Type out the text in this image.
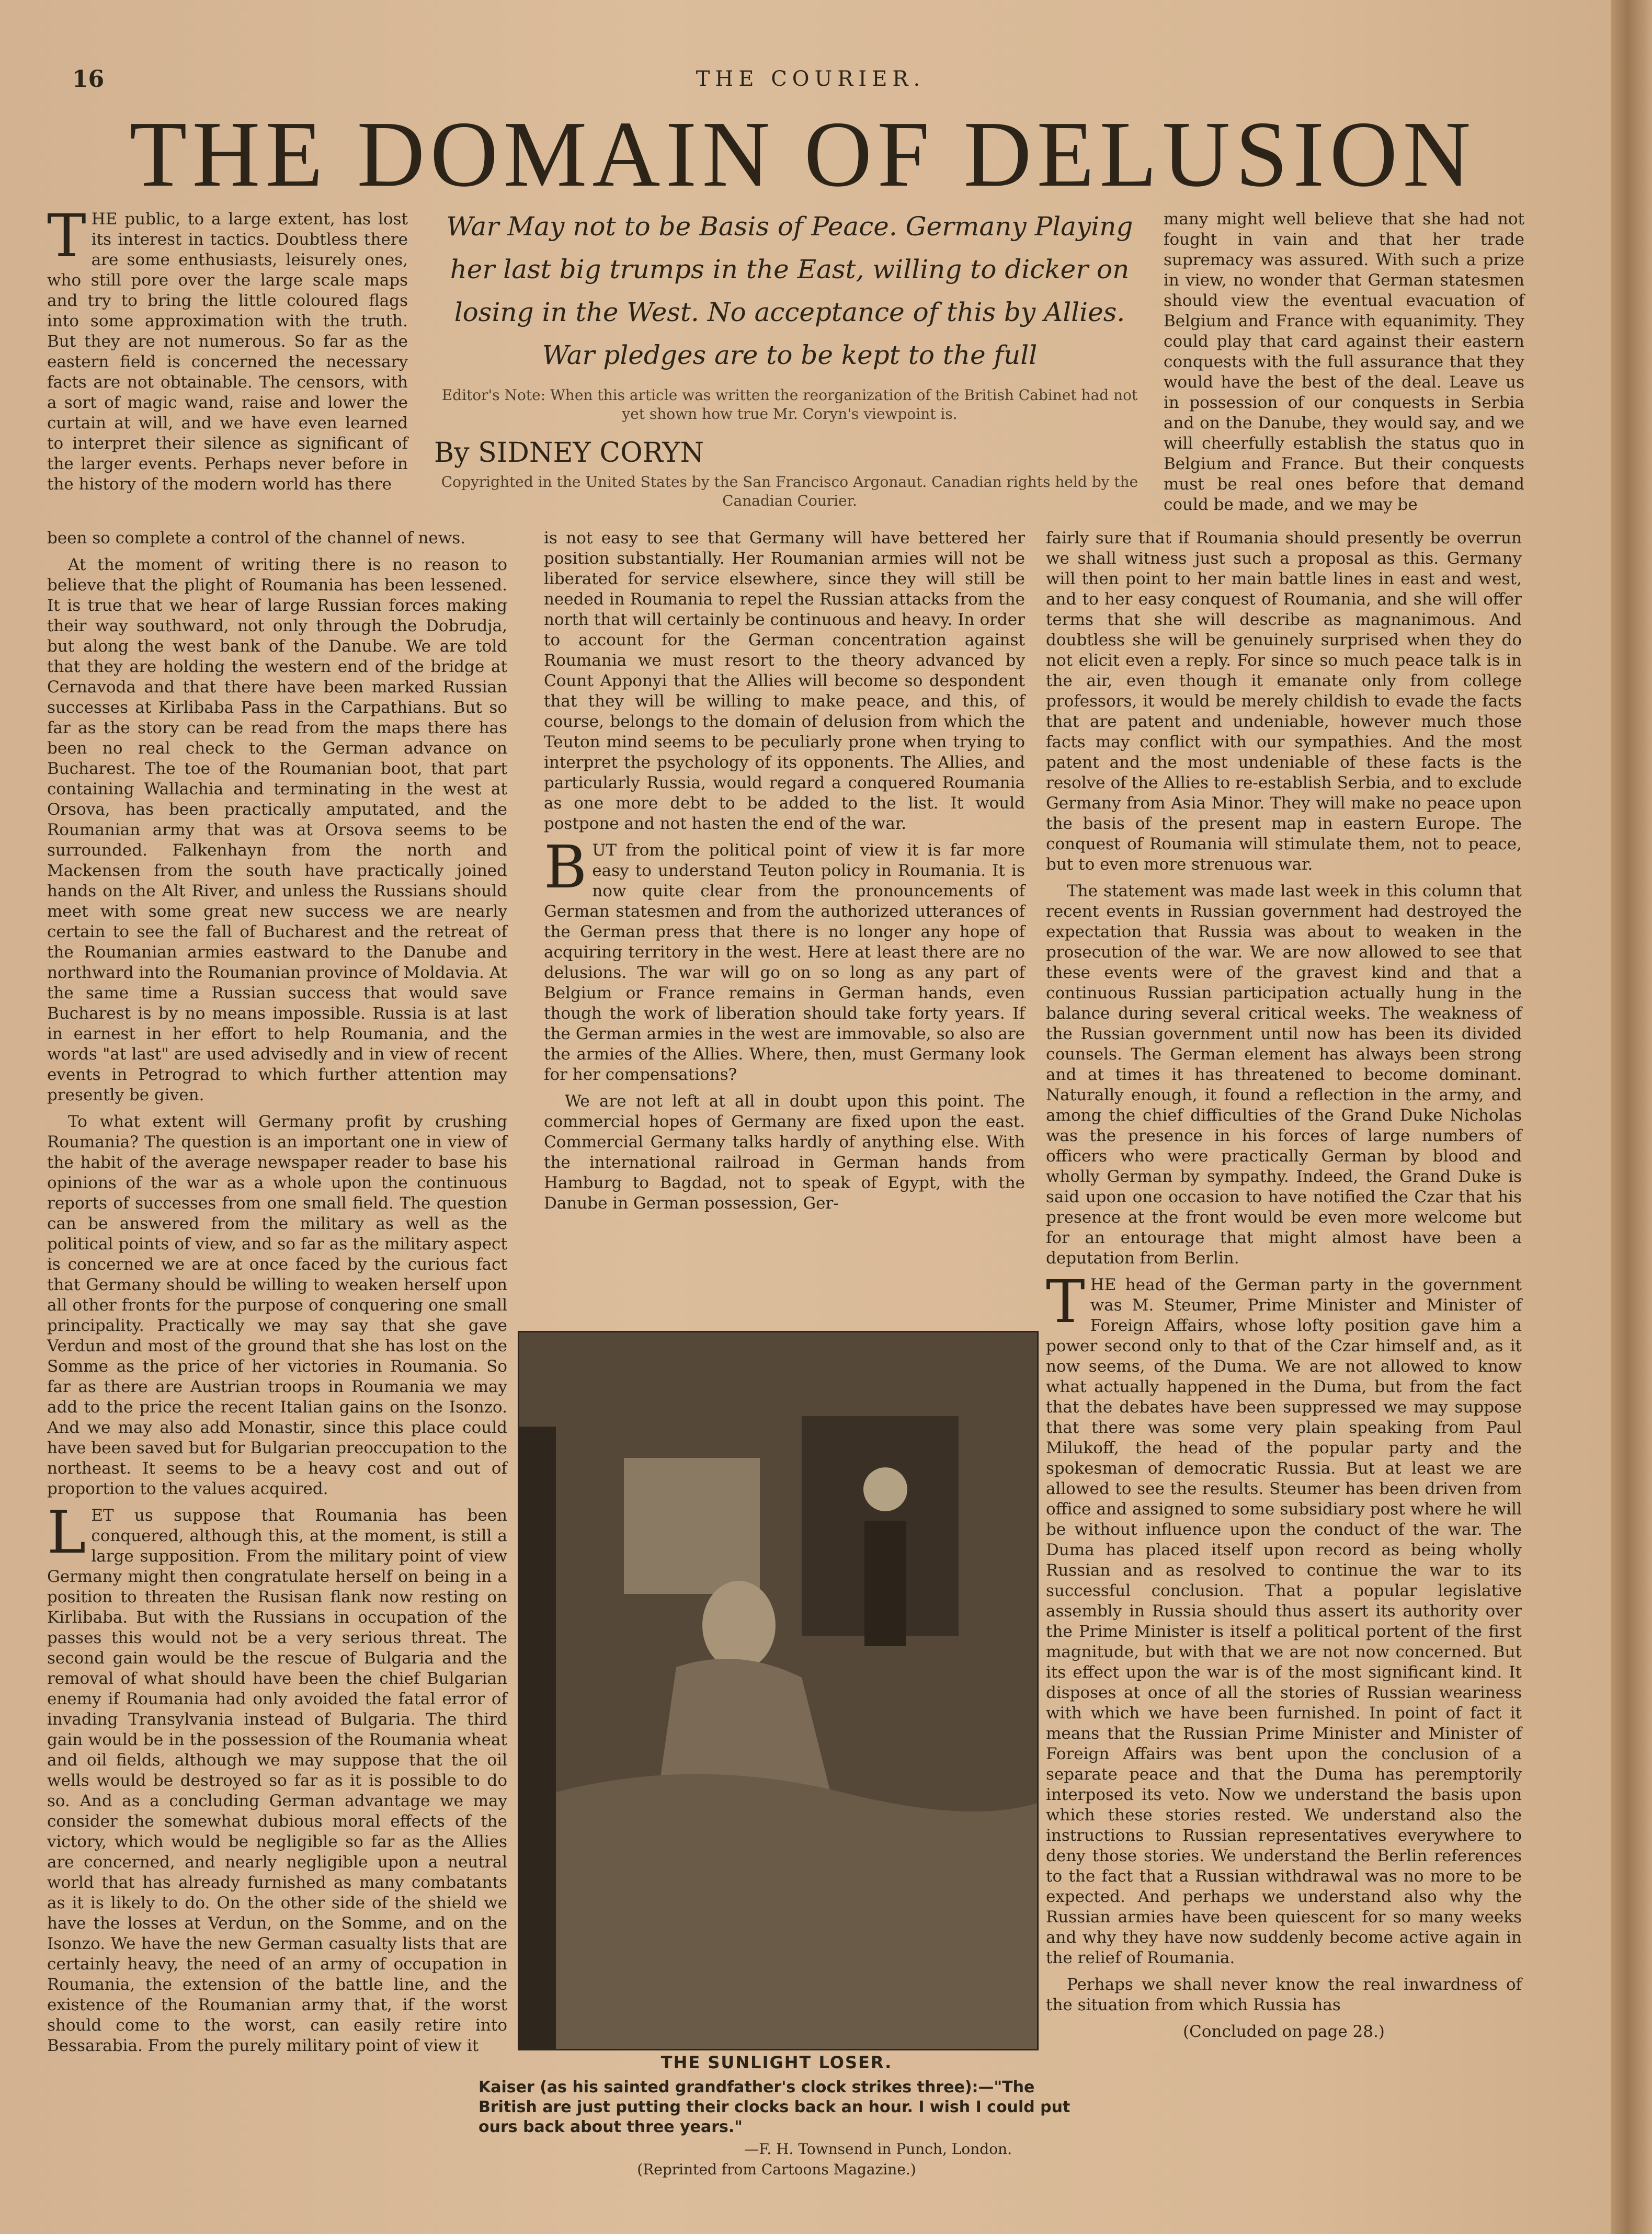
16	THE COURIER.
THE DOMAIN OF DELUSION

War May not to be Basis of Peace. Germany Playing her last big trumps in the East, willing to dicker on losing in the West. No acceptance of this by Allies. War pledges are to be kept to the full

Editor's Note: When this article was written the reorganization of the British Cabinet had not yet shown how true Mr. Coryn's viewpoint is.
By SIDNEY CORYN
Copyrighted in the United States by the San Francisco Argonaut. Canadian rights held by the Canadian Courier.

THE public, to a large extent, has lost its interest in tactics. Doubtless there are some enthusiasts, leisurely ones, who still pore over the large scale maps and try to bring the little coloured flags into some approximation with the truth. But they are not numerous. So far as the eastern field is concerned the necessary facts are not obtainable. The censors, with a sort of magic wand, raise and lower the curtain at will, and we have even learned to interpret their silence as significant of the larger events. Perhaps never before in the history of the modern world has there

been so complete a control of the channel of news.

At the moment of writing there is no reason to believe that the plight of Roumania has been lessened. It is true that we hear of large Russian forces making their way southward, not only through the Dobrudja, but along the west bank of the Danube. We are told that they are holding the western end of the bridge at Cernavoda and that there have been marked Russian successes at Kirlibaba Pass in the Carpathians. But so far as the story can be read from the maps there has been no real check to the German advance on Bucharest. The toe of the Roumanian boot, that part containing Wallachia and terminating in the west at Orsova, has been practically amputated, and the Roumanian army that was at Orsova seems to be surrounded. Falkenhayn from the north and Mackensen from the south have practically joined hands on the Alt River, and unless the Russians should meet with some great new success we are nearly certain to see the fall of Bucharest and the retreat of the Roumanian armies eastward to the Danube and northward into the Roumanian province of Moldavia. At the same time a Russian success that would save Bucharest is by no means impossible. Russia is at last in earnest in her effort to help Roumania, and the words "at last" are used advisedly and in view of recent events in Petrograd to which further attention may presently be given.

To what extent will Germany profit by crushing Roumania? The question is an important one in view of the habit of the average newspaper reader to base his opinions of the war as a whole upon the continuous reports of successes from one small field. The question can be answered from the military as well as the political points of view, and so far as the military aspect is concerned we are at once faced by the curious fact that Germany should be willing to weaken herself upon all other fronts for the purpose of conquering one small principality. Practically we may say that she gave Verdun and most of the ground that she has lost on the Somme as the price of her victories in Roumania. So far as there are Austrian troops in Roumania we may add to the price the recent Italian gains on the Isonzo. And we may also add Monastir, since this place could have been saved but for Bulgarian preoccupation to the northeast. It seems to be a heavy cost and out of proportion to the values acquired.

LET us suppose that Roumania has been conquered, although this, at the moment, is still a large supposition. From the military point of view Germany might then congratulate herself on being in a position to threaten the Rusisan flank now resting on Kirlibaba. But with the Russians in occupation of the passes this would not be a very serious threat. The second gain would be the rescue of Bulgaria and the removal of what should have been the chief Bulgarian enemy if Roumania had only avoided the fatal error of invading Transylvania instead of Bulgaria. The third gain would be in the possession of the Roumania wheat and oil fields, although we may suppose that the oil wells would be destroyed so far as it is possible to do so. And as a concluding German advantage we may consider the somewhat dubious moral effects of the victory, which would be negligible so far as the Allies are concerned, and nearly negligible upon a neutral world that has already furnished as many combatants as it is likely to do. On the other side of the shield we have the losses at Verdun, on the Somme, and on the Isonzo. We have the new German casualty lists that are certainly heavy, the need of an army of occupation in Roumania, the extension of the battle line, and the existence of the Roumanian army that, if the worst should come to the worst, can easily retire into Bessarabia. From the purely military point of view it

is not easy to see that Germany will have bettered her position substantially. Her Roumanian armies will not be liberated for service elsewhere, since they will still be needed in Roumania to repel the Russian attacks from the north that will certainly be continuous and heavy. In order to account for the German concentration against Roumania we must resort to the theory advanced by Count Apponyi that the Allies will become so despondent that they will be willing to make peace, and this, of course, belongs to the domain of delusion from which the Teuton mind seems to be peculiarly prone when trying to interpret the psychology of its opponents. The Allies, and particularly Russia, would regard a conquered Roumania as one more debt to be added to the list. It would postpone and not hasten the end of the war.

BUT from the political point of view it is far more easy to understand Teuton policy in Roumania. It is now quite clear from the pronouncements of German statesmen and from the authorized utterances of the German press that there is no longer any hope of acquiring territory in the west. Here at least there are no delusions. The war will go on so long as any part of Belgium or France remains in German hands, even though the work of liberation should take forty years. If the German armies in the west are immovable, so also are the armies of the Allies. Where, then, must Germany look for her compensations?

We are not left at all in doubt upon this point. The commercial hopes of Germany are fixed upon the east. Commercial Germany talks hardly of anything else. With the international railroad in German hands from Hamburg to Bagdad, not to speak of Egypt, with the Danube in German possession, Ger-

many might well believe that she had not fought in vain and that her trade supremacy was assured. With such a prize in view, no wonder that German statesmen should view the eventual evacuation of Belgium and France with equanimity. They could play that card against their eastern conquests with the full assurance that they would have the best of the deal. Leave us in possession of our conquests in Serbia and on the Danube, they would say, and we will cheerfully establish the status quo in Belgium and France. But their conquests must be real ones before that demand could be made, and we may be

fairly sure that if Roumania should presently be overrun we shall witness just such a proposal as this. Germany will then point to her main battle lines in east and west, and to her easy conquest of Roumania, and she will offer terms that she will describe as magnanimous. And doubtless she will be genuinely surprised when they do not elicit even a reply. For since so much peace talk is in the air, even though it emanate only from college professors, it would be merely childish to evade the facts that are patent and undeniable, however much those facts may conflict with our sympathies. And the most patent and the most undeniable of these facts is the resolve of the Allies to re-establish Serbia, and to exclude Germany from Asia Minor. They will make no peace upon the basis of the present map in eastern Europe. The conquest of Roumania will stimulate them, not to peace, but to even more strenuous war.

The statement was made last week in this column that recent events in Russian government had destroyed the expectation that Russia was about to weaken in the prosecution of the war. We are now allowed to see that these events were of the gravest kind and that a continuous Russian participation actually hung in the balance during several critical weeks. The weakness of the Russian government until now has been its divided counsels. The German element has always been strong and at times it has threatened to become dominant. Naturally enough, it found a reflection in the army, and among the chief difficulties of the Grand Duke Nicholas was the presence in his forces of large numbers of officers who were practically German by blood and wholly German by sympathy. Indeed, the Grand Duke is said upon one occasion to have notified the Czar that his presence at the front would be even more welcome but for an entourage that might almost have been a deputation from Berlin.

THE head of the German party in the government was M. Steumer, Prime Minister and Minister of Foreign Affairs, whose lofty position gave him a power second only to that of the Czar himself and, as it now seems, of the Duma. We are not allowed to know what actually happened in the Duma, but from the fact that the debates have been suppressed we may suppose that there was some very plain speaking from Paul Milukoff, the head of the popular party and the spokesman of democratic Russia. But at least we are allowed to see the results. Steumer has been driven from office and assigned to some subsidiary post where he will be without influence upon the conduct of the war. The Duma has placed itself upon record as being wholly Russian and as resolved to continue the war to its successful conclusion. That a popular legislative assembly in Russia should thus assert its authority over the Prime Minister is itself a political portent of the first magnitude, but with that we are not now concerned. But its effect upon the war is of the most significant kind. It disposes at once of all the stories of Russian weariness with which we have been furnished. In point of fact it means that the Russian Prime Minister and Minister of Foreign Affairs was bent upon the conclusion of a separate peace and that the Duma has peremptorily interposed its veto. Now we understand the basis upon which these stories rested. We understand also the instructions to Russian representatives everywhere to deny those stories. We understand the Berlin references to the fact that a Russian withdrawal was no more to be expected. And perhaps we understand also why the Russian armies have been quiescent for so many weeks and why they have now suddenly become active again in the relief of Roumania.

Perhaps we shall never know the real inwardness of the situation from which Russia has

(Concluded on page 28.)

THE SUNLIGHT LOSER.
Kaiser (as his sainted grandfather's clock strikes three):—"The British are just putting their clocks back an hour. I wish I could put ours back about three years."
—F. H. Townsend in Punch, London.
(Reprinted from Cartoons Magazine.)
